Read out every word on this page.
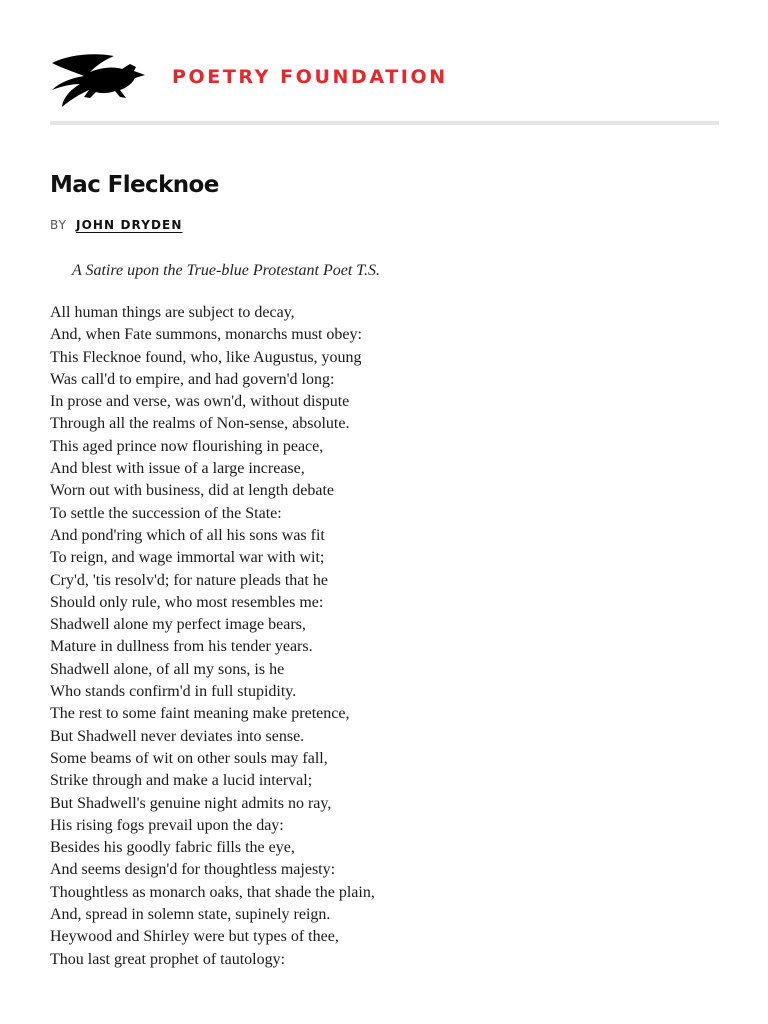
POETRY FOUNDATION
Mac Flecknoe
BY JOHN DRYDEN
A Satire upon the True-blue Protestant Poet T.S.
All human things are subject to decay,
And, when Fate summons, monarchs must obey:
This Flecknoe found, who, like Augustus, young
Was call'd to empire, and had govern'd long:
In prose and verse, was own'd, without dispute
Through all the realms of Non-sense, absolute.
This aged prince now flourishing in peace,
And blest with issue of a large increase,
Worn out with business, did at length debate
To settle the succession of the State:
And pond'ring which of all his sons was fit
To reign, and wage immortal war with wit;
Cry'd, 'tis resolv'd; for nature pleads that he
Should only rule, who most resembles me:
Shadwell alone my perfect image bears,
Mature in dullness from his tender years.
Shadwell alone, of all my sons, is he
Who stands confirm'd in full stupidity.
The rest to some faint meaning make pretence,
But Shadwell never deviates into sense.
Some beams of wit on other souls may fall,
Strike through and make a lucid interval;
But Shadwell's genuine night admits no ray,
His rising fogs prevail upon the day:
Besides his goodly fabric fills the eye,
And seems design'd for thoughtless majesty:
Thoughtless as monarch oaks, that shade the plain,
And, spread in solemn state, supinely reign.
Heywood and Shirley were but types of thee,
Thou last great prophet of tautology:
